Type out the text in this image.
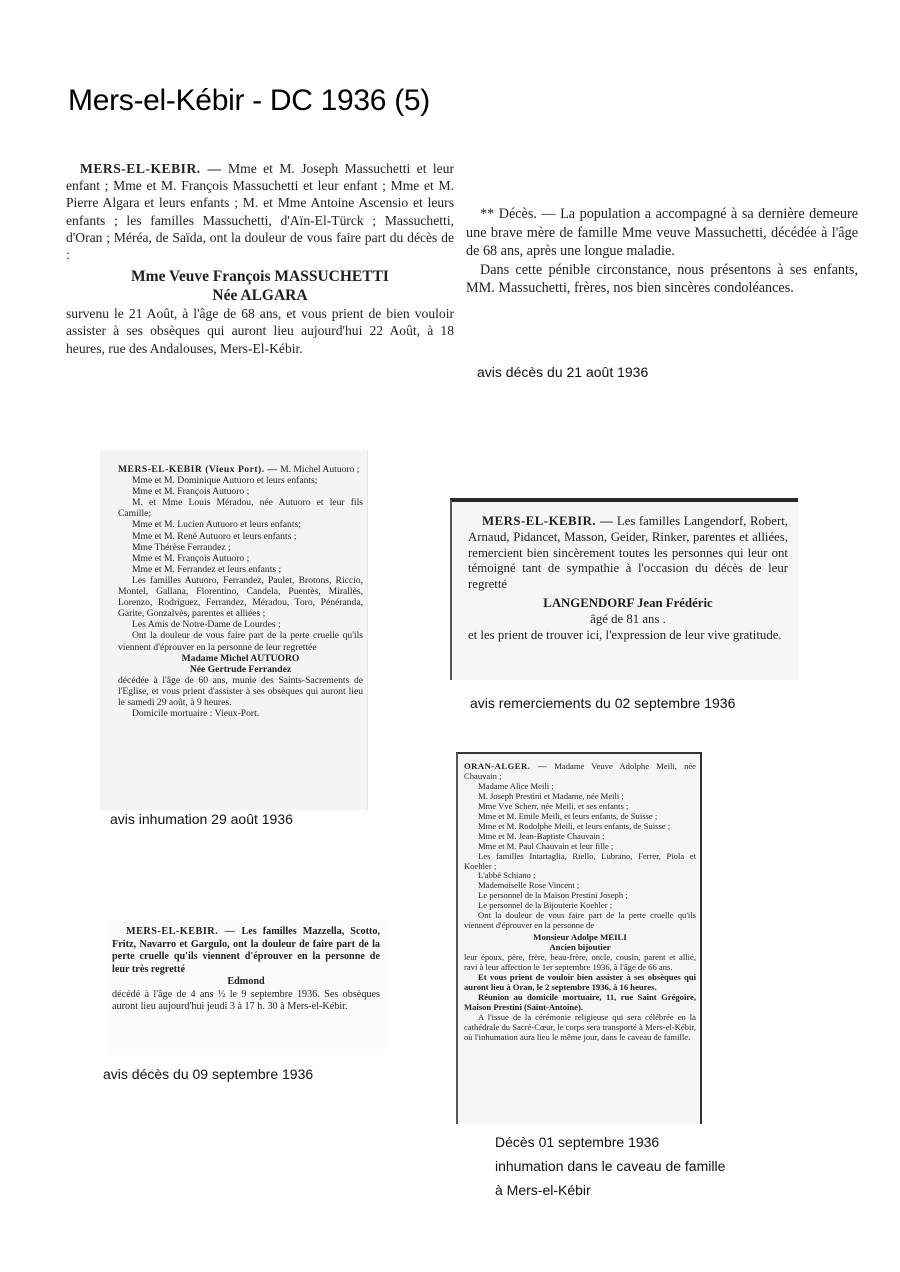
Mers-el-Kébir - DC 1936 (5)

MERS-EL-KEBIR. — Mme et M. Joseph Massuchetti et leur enfant ; Mme et M. François Massuchetti et leur enfant ; Mme et M. Pierre Algara et leurs enfants ; M. et Mme Antoine Ascensio et leurs enfants ; les familles Massuchetti, d'Aïn-El-Türck ; Massuchetti, d'Oran ; Méréa, de Saïda, ont la douleur de vous faire part du décès de :

Mme Veuve François MASSUCHETTI

Née ALGARA

survenu le 21 Août, à l'âge de 68 ans, et vous prient de bien vouloir assister à ses obsèques qui auront lieu aujourd'hui 22 Août, à 18 heures, rue des Andalouses, Mers-El-Kébir.

avis décès du 21 août 1936

** Décès. — La population a accompagné à sa dernière demeure une brave mère de famille Mme veuve Massuchetti, décédée à l'âge de 68 ans, après une longue maladie.

Dans cette pénible circonstance, nous présentons à ses enfants, MM. Massuchetti, frères, nos bien sincères condoléances.

MERS-EL-KEBIR (Vieux Port). — M. Michel Autuoro ;

Mme et M. Dominique Autuoro et leurs enfants;

Mme et M. François Autuoro ;

M. et Mme Louis Méradou, née Autuoro et leur fils Camille;

Mme et M. Lucien Autuoro et leurs enfants;

Mme et M. René Autuoro et leurs enfants ;

Mme Thérèse Ferrandez ;

Mme et M. François Autuoro ;

Mme et M. Ferrandez et leurs enfants ;

Les familles Autuoro, Ferrandez, Paulet, Brotons, Riccio, Montel, Gallana, Florentino, Candela, Puentès, Mirallès, Lorenzo, Rodriguez, Ferrandez, Méradou, Toro, Pénéranda, Garite, Gonzalvès, parentes et alliées ;

Les Amis de Notre-Dame de Lourdes ;

Ont la douleur de vous faire part de la perte cruelle qu'ils viennent d'éprouver en la personne de leur regrettée

Madame Michel AUTUORO

Née Gertrude Ferrandez

décédée à l'âge de 60 ans, munie des Saints-Sacrements de l'Eglise, et vous prient d'assister à ses obsèques qui auront lieu le samedi 29 août, à 9 heures.

Domicile mortuaire : Vieux-Port.

avis inhumation 29 août 1936

MERS-EL-KEBIR. — Les familles Langendorf, Robert, Arnaud, Pidancet, Masson, Geider, Rinker, parentes et alliées, remercient bien sincèrement toutes les personnes qui leur ont témoigné tant de sympathie à l'occasion du décès de leur regretté

LANGENDORF Jean Frédéric

âgé de 81 ans .

et les prient de trouver ici, l'expression de leur vive gratitude.

avis remerciements du 02 septembre 1936

MERS-EL-KEBIR. — Les familles Mazzella, Scotto, Fritz, Navarro et Gargulo, ont la douleur de faire part de la perte cruelle qu'ils viennent d'éprouver en la personne de leur très regretté

Edmond

décédé à l'âge de 4 ans ½ le 9 septembre 1936. Ses obsèques auront lieu aujourd'hui jeudi 3 à 17 h. 30 à Mers-el-Kébir.

avis décès du 09 septembre 1936

ORAN-ALGER. — Madame Veuve Adolphe Meili, née Chauvain ;

Madame Alice Meili ;

M. Joseph Prestini et Madame, née Meili ;

Mme Vve Scherr, née Meili, et ses enfants ;

Mme et M. Emile Meili, et leurs enfants, de Suisse ;

Mme et M. Rodolphe Meili, et leurs enfants, de Suisse ;

Mme et M. Jean-Baptiste Chauvain ;

Mme et M. Paul Chauvain et leur fille ;

Les familles Intartaglia, Riello, Lubrano, Ferrer, Piola et Koehler ;

L'abbé Schiano ;

Mademoiselle Rose Vincent ;

Le personnel de la Maison Prestini Joseph ;

Le personnel de la Bijouterie Koehler ;

Ont la douleur de vous faire part de la perte cruelle qu'ils viennent d'éprouver en la personne de

Monsieur Adolpe MEILI

Ancien bijoutier

leur époux, père, frère, beau-frère, oncle, cousin, parent et allié, ravi à leur affection le 1er septembre 1936, à l'âge de 66 ans.

Et vous prient de vouloir bien assister à ses obsèques qui auront lieu à Oran, le 2 septembre 1936, à 16 heures.

Réunion au domicile mortuaire, 11, rue Saint Grégoire, Maison Prestini (Saint-Antoine).

A l'issue de la cérémonie religieuse qui sera célébrée en la cathédrale du Sacré-Cœur, le corps sera transporté à Mers-el-Kébir, où l'inhumation aura lieu le même jour, dans le caveau de famille.

Décès 01 septembre 1936
inhumation dans le caveau de famille
à Mers-el-Kébir
